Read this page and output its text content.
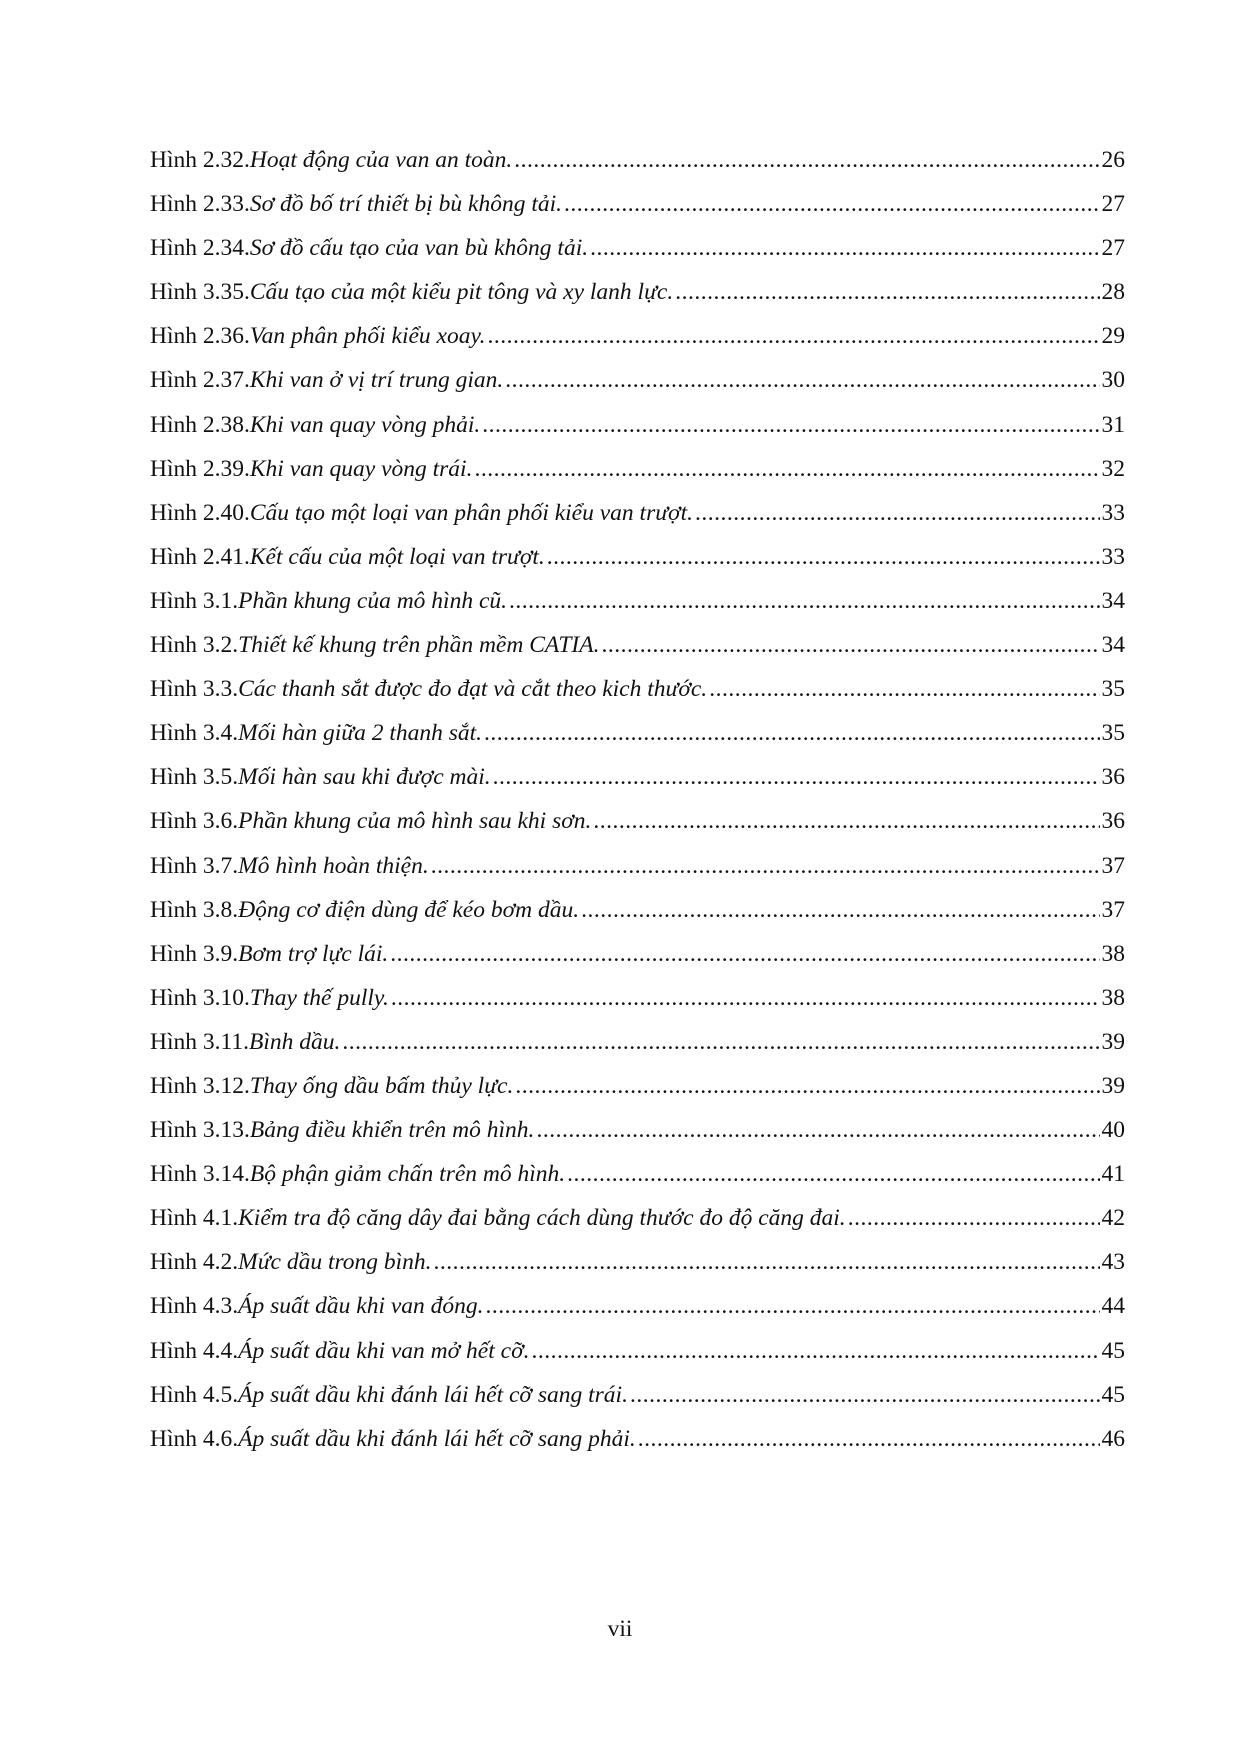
Hình 2.32. Hoạt động của van an toàn. .....	26
Hình 2.33. Sơ đồ bố trí thiết bị bù không tải. .....	27
Hình 2.34. Sơ đồ cấu tạo của van bù không tải. .....	27
Hình 3.35. Cấu tạo của một kiểu pit tông và xy lanh lực. .....	28
Hình 2.36. Van phân phối kiểu xoay. .....	29
Hình 2.37. Khi van ở vị trí trung gian. .....	30
Hình 2.38. Khi van quay vòng phải. .....	31
Hình 2.39. Khi van quay vòng trái. .....	32
Hình 2.40. Cấu tạo một loại van phân phối kiểu van trượt. .....	33
Hình 2.41. Kết cấu của một loại van trượt. .....	33
Hình 3.1. Phần khung của mô hình cũ. .....	34
Hình 3.2. Thiết kế khung trên phần mềm CATIA. .....	34
Hình 3.3. Các thanh sắt được đo đạt và cắt theo kich thước. .....	35
Hình 3.4. Mối hàn giữa 2 thanh sắt. .....	35
Hình 3.5. Mối hàn sau khi được mài. .....	36
Hình 3.6. Phần khung của mô hình sau khi sơn. .....	36
Hình 3.7. Mô hình hoàn thiện. .....	37
Hình 3.8. Động cơ điện dùng để kéo bơm dầu. .....	37
Hình 3.9. Bơm trợ lực lái. .....	38
Hình 3.10. Thay thế pully. .....	38
Hình 3.11. Bình dầu. .....	39
Hình 3.12. Thay ống dầu bấm thủy lực. .....	39
Hình 3.13. Bảng điều khiển trên mô hình. .....	40
Hình 3.14. Bộ phận giảm chấn trên mô hình. .....	41
Hình 4.1. Kiểm tra độ căng dây đai bằng cách dùng thước đo độ căng đai. .....	42
Hình 4.2. Mức dầu trong bình. .....	43
Hình 4.3. Áp suất dầu khi van đóng. .....	44
Hình 4.4. Áp suất dầu khi van mở hết cỡ. .....	45
Hình 4.5. Áp suất dầu khi đánh lái hết cỡ sang trái. .....	45
Hình 4.6. Áp suất dầu khi đánh lái hết cỡ sang phải. .....	46
vii
